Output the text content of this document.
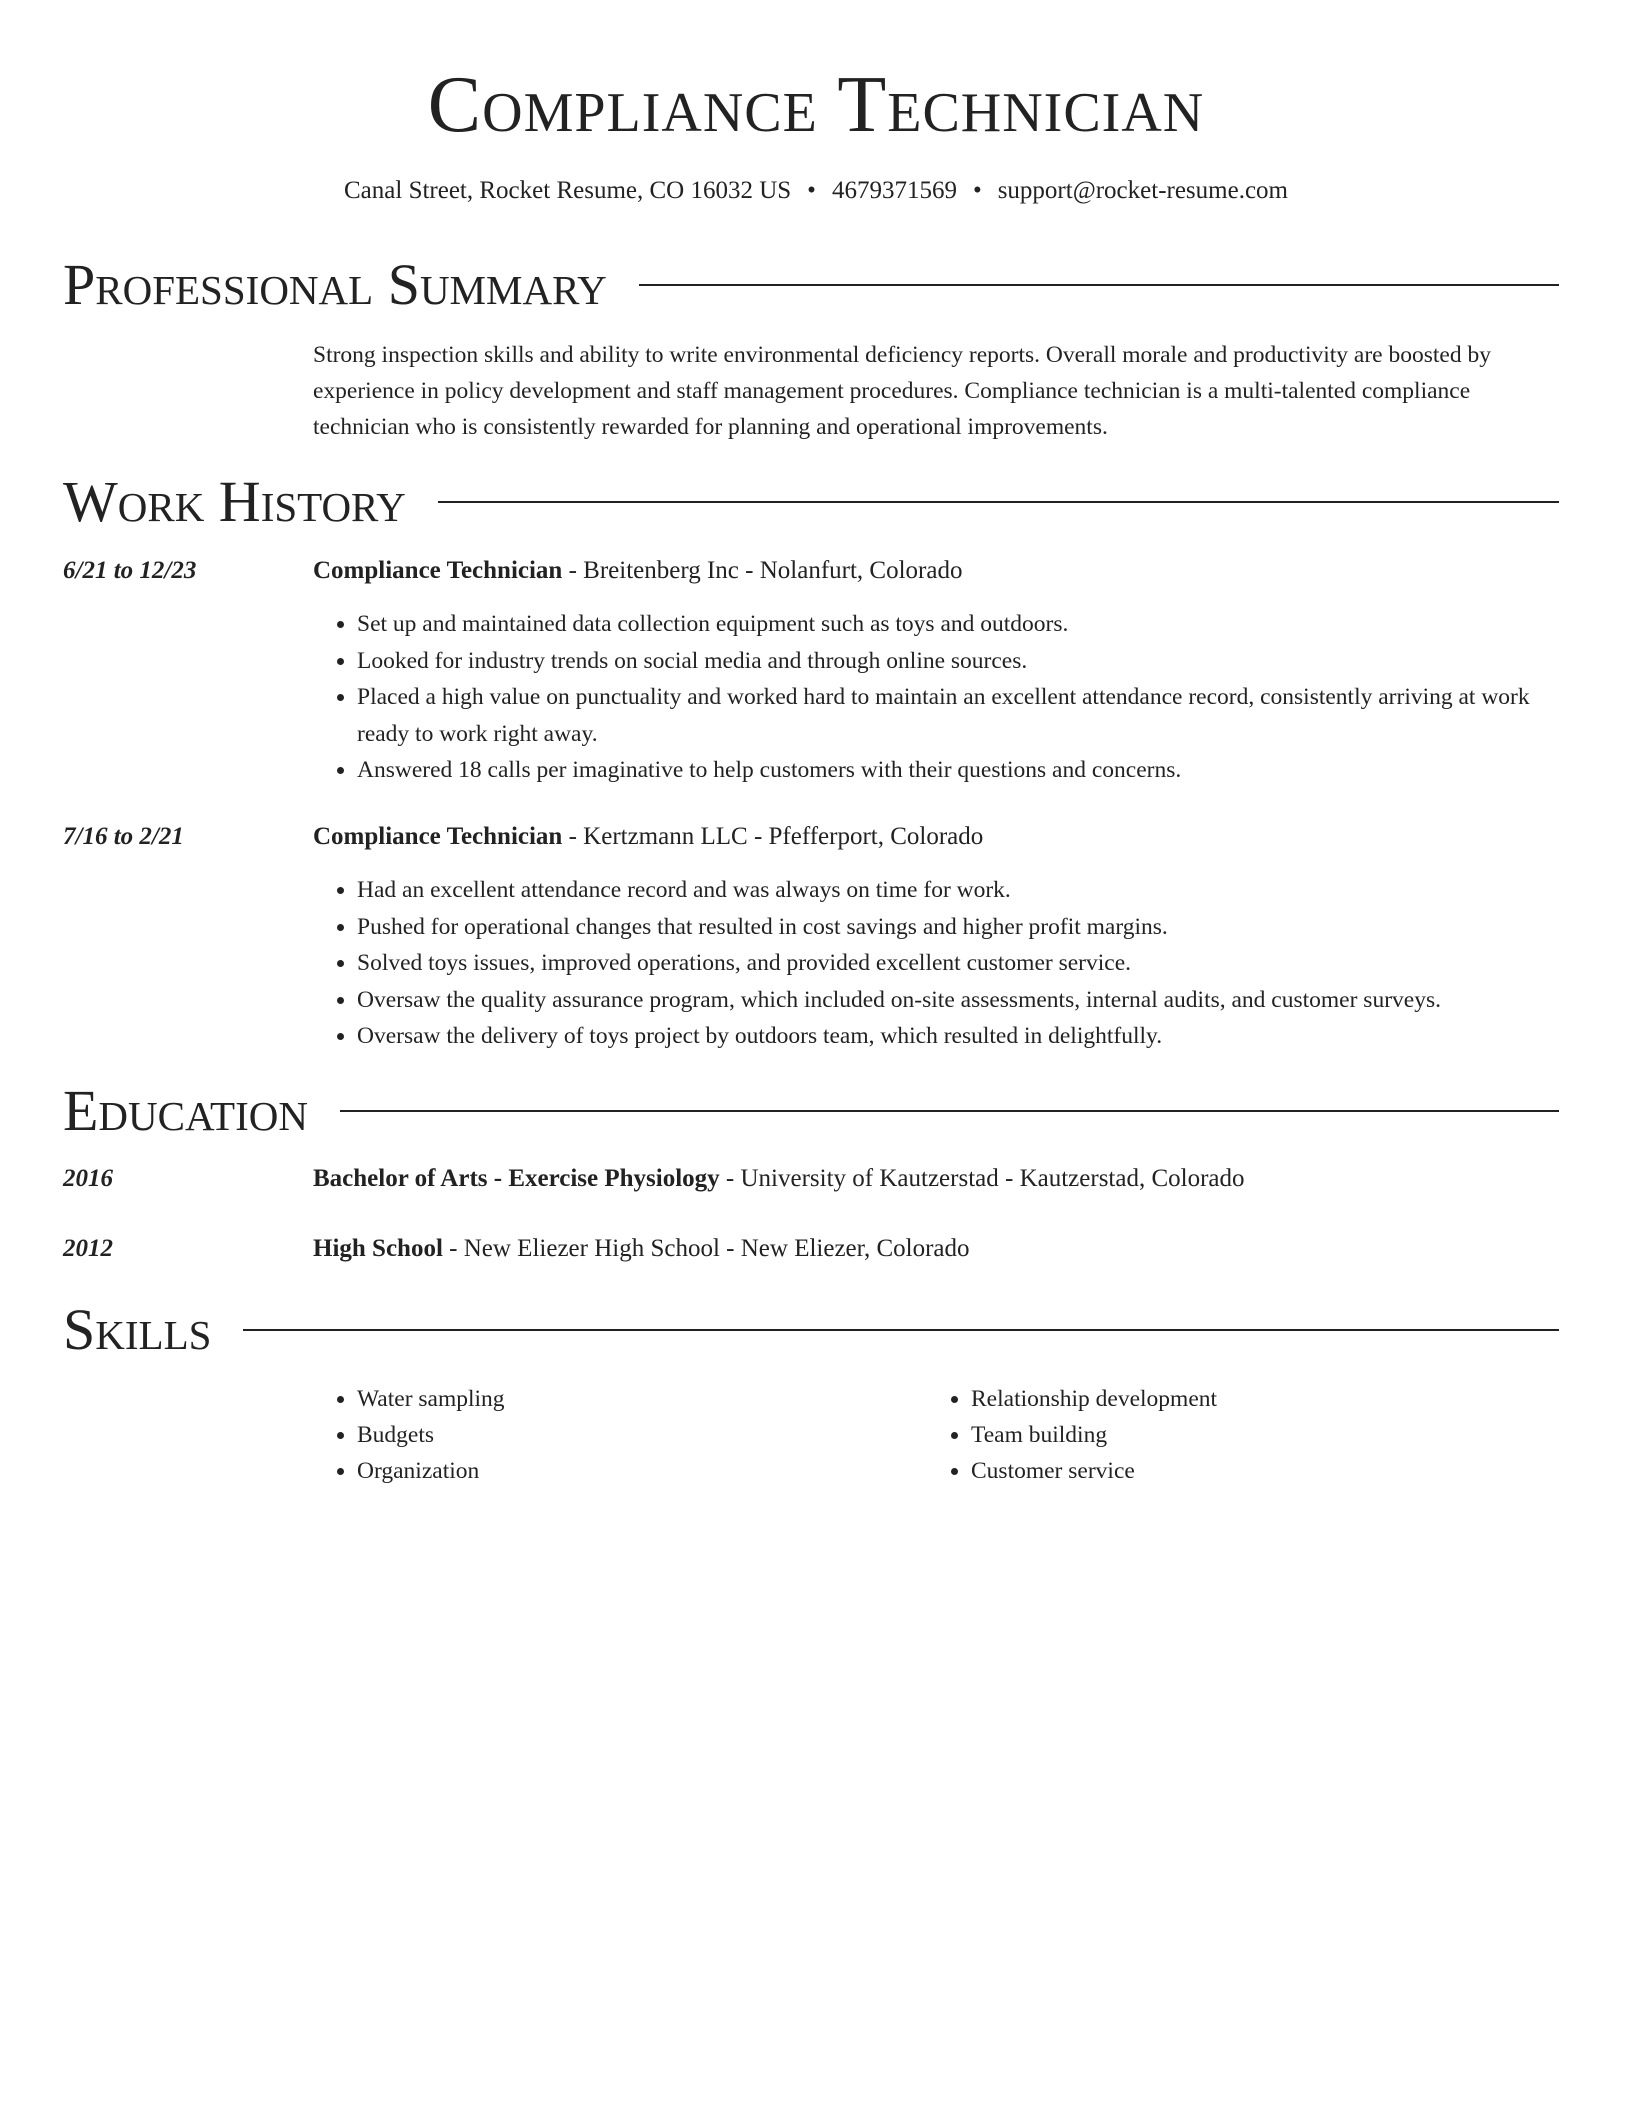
Compliance Technician
Canal Street, Rocket Resume, CO 16032 US • 4679371569 • support@rocket-resume.com
Professional Summary

Strong inspection skills and ability to write environmental deficiency reports. Overall morale and productivity are boosted by experience in policy development and staff management procedures. Compliance technician is a multi-talented compliance technician who is consistently rewarded for planning and operational improvements.

Work History
6/21 to 12/23	Compliance Technician - Breitenberg Inc - Nolanfurt, Colorado
• Set up and maintained data collection equipment such as toys and outdoors.
• Looked for industry trends on social media and through online sources.
• Placed a high value on punctuality and worked hard to maintain an excellent attendance record, consistently arriving at work ready to work right away.
• Answered 18 calls per imaginative to help customers with their questions and concerns.
7/16 to 2/21	Compliance Technician - Kertzmann LLC - Pfefferport, Colorado
• Had an excellent attendance record and was always on time for work.
• Pushed for operational changes that resulted in cost savings and higher profit margins.
• Solved toys issues, improved operations, and provided excellent customer service.
• Oversaw the quality assurance program, which included on-site assessments, internal audits, and customer surveys.
• Oversaw the delivery of toys project by outdoors team, which resulted in delightfully.
Education
2016	Bachelor of Arts - Exercise Physiology - University of Kautzerstad - Kautzerstad, Colorado
2012	High School - New Eliezer High School - New Eliezer, Colorado
Skills
• Water sampling
• Budgets
• Organization
• Relationship development
• Team building
• Customer service
